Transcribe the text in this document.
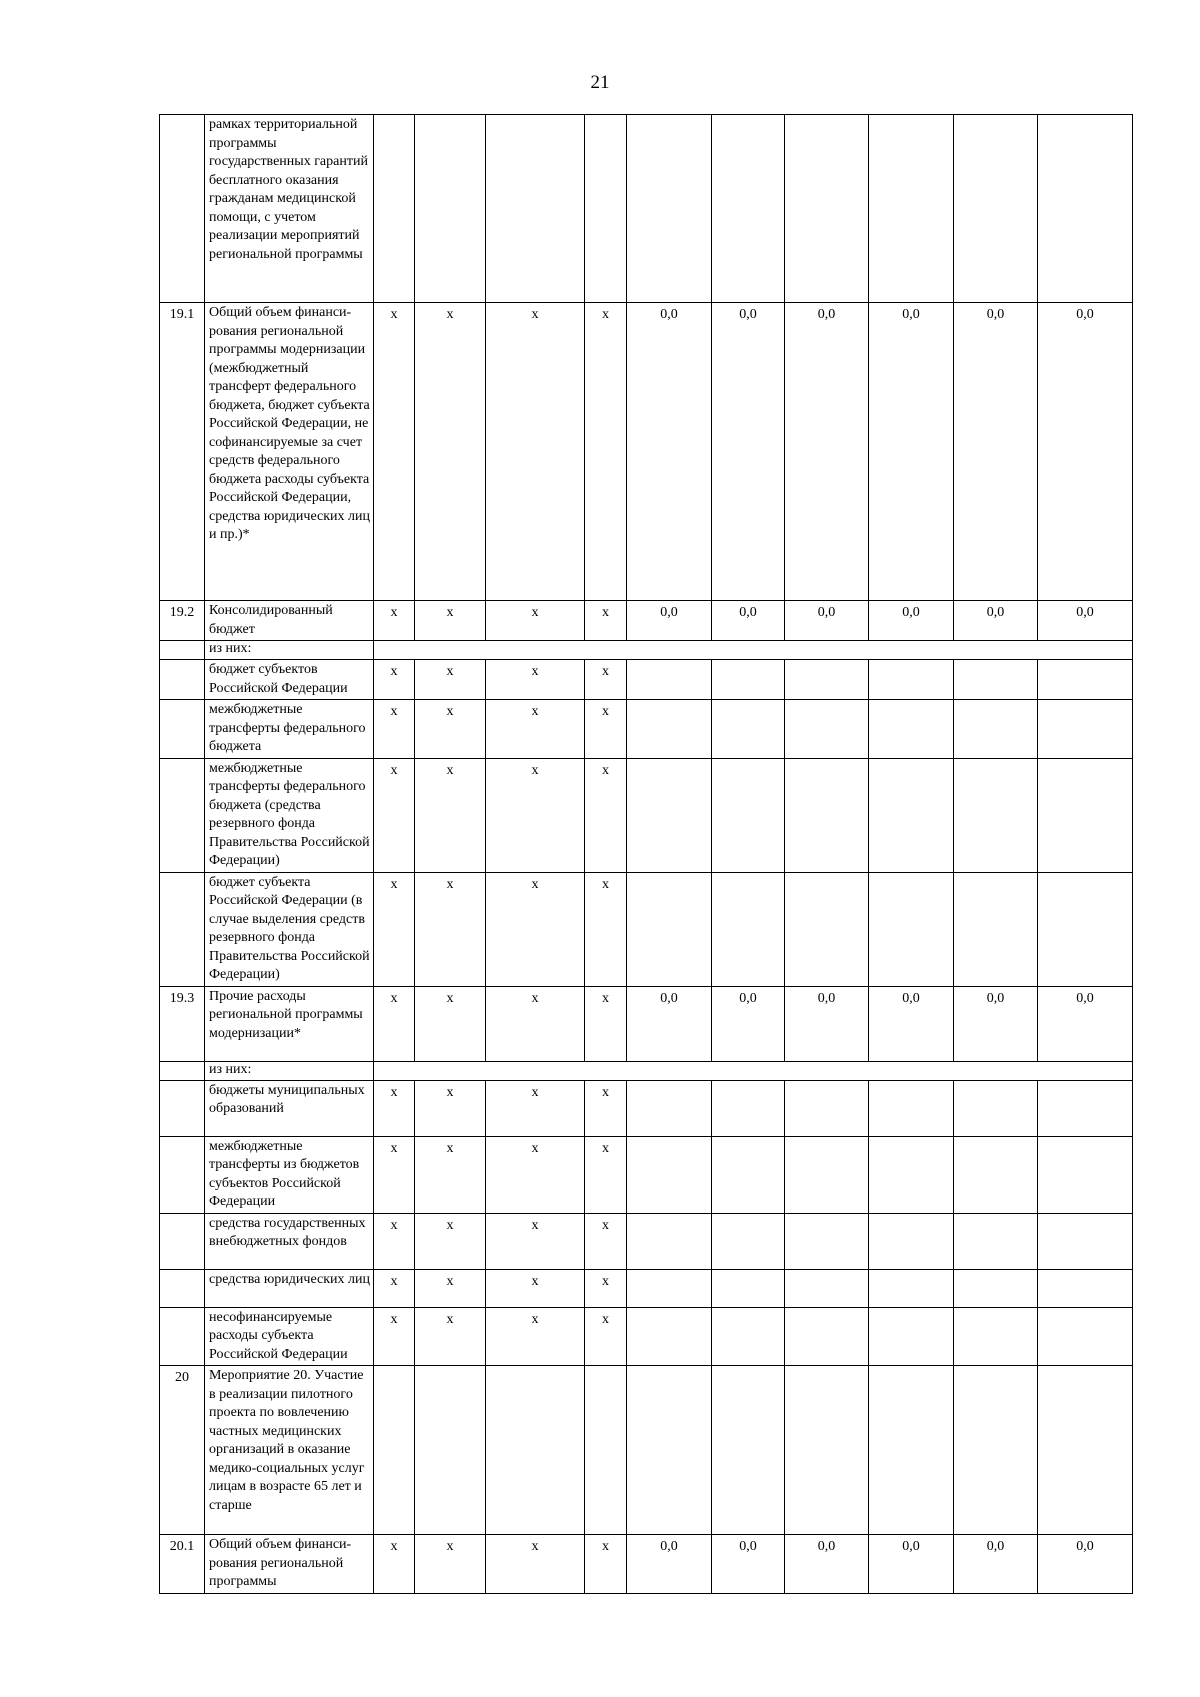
21
	рамках территориальной программы государственных гарантий бесплатного оказания гражданам медицинской помощи, с учетом реализации мероприятий региональной программы										
19.1	Общий объем финанси-рования региональной программы модернизации (межбюджетный трансферт федерального бюджета, бюджет субъекта Российской Федерации, не софинансируемые за счет средств федерального бюджета расходы субъекта Российской Федерации, средства юридических лиц и пр.)*	х	х	х	х	0,0	0,0	0,0	0,0	0,0	0,0
19.2	Консолидированный бюджет	х	х	х	х	0,0	0,0	0,0	0,0	0,0	0,0
	из них:										
	бюджет субъектов Российской Федерации	х	х	х	х						
	межбюджетные трансферты федерального бюджета	х	х	х	х						
	межбюджетные трансферты федерального бюджета (средства резервного фонда Правительства Российской Федерации)	х	х	х	х						
	бюджет субъекта Российской Федерации (в случае выделения средств резервного фонда Правительства Российской Федерации)	х	х	х	х						
19.3	Прочие расходы региональной программы модернизации*	х	х	х	х	0,0	0,0	0,0	0,0	0,0	0,0
	из них:										
	бюджеты муниципальных образований	х	х	х	х						
	межбюджетные трансферты из бюджетов субъектов Российской Федерации	х	х	х	х						
	средства государственных внебюджетных фондов	х	х	х	х						
	средства юридических лиц	х	х	х	х						
	несофинансируемые расходы субъекта Российской Федерации	х	х	х	х						
20	Мероприятие 20. Участие в реализации пилотного проекта по вовлечению частных медицинских организаций в оказание медико-социальных услуг лицам в возрасте 65 лет и старше										
20.1	Общий объем финанси-рования региональной программы	х	х	х	х	0,0	0,0	0,0	0,0	0,0	0,0
